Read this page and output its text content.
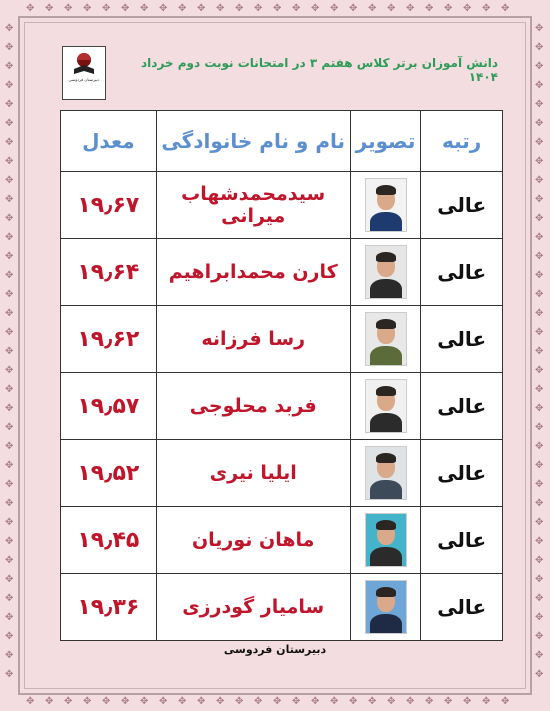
✥
✥
✥
✥
✥
✥
✥
✥
✥
✥
✥
✥
✥
✥
✥
✥
✥
✥
✥
✥
✥
✥
✥
✥
✥
✥
✥
✥
✥
✥
✥
✥
✥
✥
✥
✥
✥
✥
✥
✥
✥
✥
✥
✥
✥
✥
✥
✥
✥
✥
✥
✥
✥	✥
✥	✥
✥	✥
✥	✥
✥	✥
✥	✥
✥	✥
✥	✥
✥	✥
✥	✥
✥	✥
✥	✥
✥	✥
✥	✥
✥	✥
✥	✥
✥	✥
✥	✥
✥	✥
✥	✥
✥	✥
✥	✥
✥	✥
✥	✥
✥	✥
✥	✥
✥	✥
✥	✥
✥	✥
✥	✥
✥	✥
✥	✥
✥	✥
✥	✥
✥	✥
دبیرستان فردوسی
دانش آموزان برتر کلاس هفتم ۳ در امتحانات نوبت دوم خرداد ۱۴۰۴
رتبه	تصویر	نام و نام خانوادگی	معدل
عالی		سیدمحمدشهاب میرانی	۱۹٫۶۷
عالی		کارن محمدابراهیم	۱۹٫۶۴
عالی		رسا فرزانه	۱۹٫۶۲
عالی		فربد محلوجی	۱۹٫۵۷
عالی		ایلیا نیری	۱۹٫۵۲
عالی		ماهان نوریان	۱۹٫۴۵
عالی		سامیار گودرزی	۱۹٫۳۶
دبیرستان فردوسی
